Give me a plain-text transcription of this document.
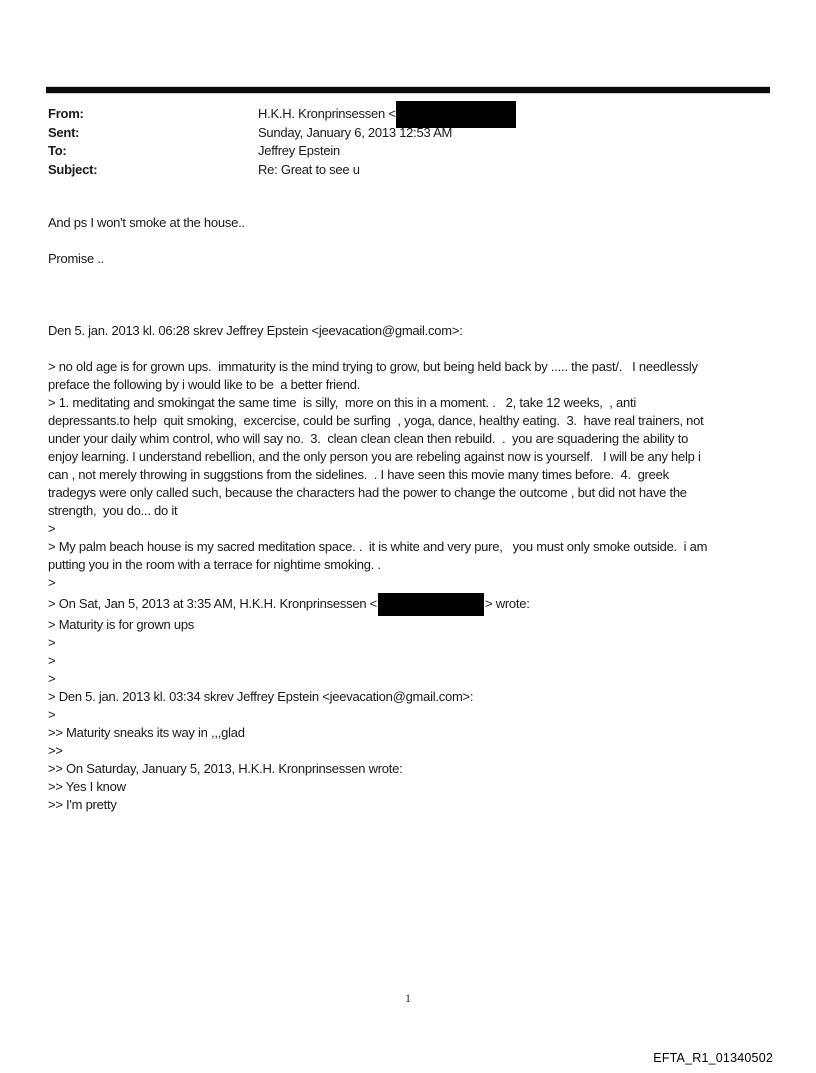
From:	H.K.H. Kronprinsessen <
Sent:	Sunday, January 6, 2013 12:53 AM
To:	Jeffrey Epstein
Subject:	Re: Great to see u
And ps I won't smoke at the house..
Promise ..
Den 5. jan. 2013 kl. 06:28 skrev Jeffrey Epstein <jeevacation@gmail.com>:
> no old age is for grown ups.  immaturity is the mind trying to grow, but being held back by ..... the past/.   I needlessly
preface the following by i would like to be  a better friend.
> 1. meditating and smokingat the same time  is silly,  more on this in a moment. .   2, take 12 weeks,  , anti
depressants.to help  quit smoking,  excercise, could be surfing  , yoga, dance, healthy eating.  3.  have real trainers, not
under your daily whim control, who will say no.  3.  clean clean clean then rebuild.  .  you are squadering the ability to
enjoy learning. I understand rebellion, and the only person you are rebeling against now is yourself.   I will be any help i
can , not merely throwing in suggstions from the sidelines.  . I have seen this movie many times before.  4.  greek
tradegys were only called such, because the characters had the power to change the outcome , but did not have the
strength,  you do... do it
>
> My palm beach house is my sacred meditation space. .  it is white and very pure,   you must only smoke outside.  i am
putting you in the room with a terrace for nightime smoking. .
>
> On Sat, Jan 5, 2013 at 3:35 AM, H.K.H. Kronprinsessen <	> wrote:
> Maturity is for grown ups
>
>
>
> Den 5. jan. 2013 kl. 03:34 skrev Jeffrey Epstein <jeevacation@gmail.com>:
>
>> Maturity sneaks its way in ,,,glad
>>
>> On Saturday, January 5, 2013, H.K.H. Kronprinsessen wrote:
>> Yes I know
>> I'm pretty
1
EFTA_R1_01340502
